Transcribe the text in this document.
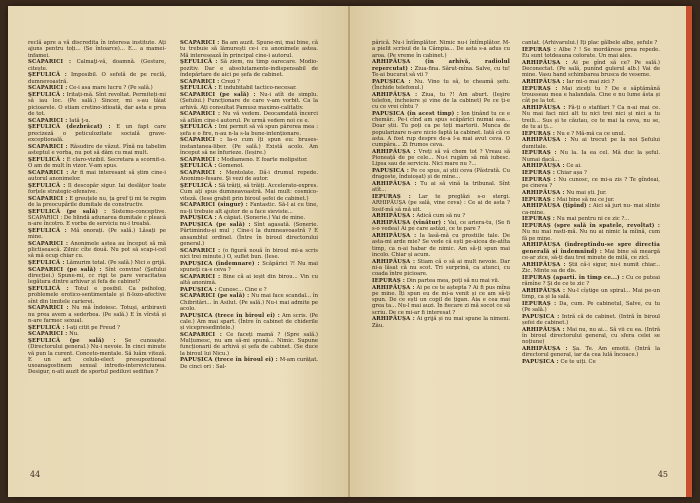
reclă apre a vă discredita în interesa institute. Ați ajuns pentru toți... (Se întoarce)... E... a mamei-infamei.

SCAPARICI : Calmaţi-vă, doamnă. (Gesture, citește.

ŞEFULICĂ : Imposibil. O sefelă de pe reclă, dumnevoastră.

SCAPARICI : Ce-i asa mare lucru ? (Pe sală.)

ŞEFULICĂ : Iritați-mă. Sînt revoltat. Permiteți-mi să iau loc. (Pe sală.) Sincer, mi s-au tăiat picioarele. O stiam cretino-idioată, dar asta e prea de tot.

SCAPARICI : Iată ţ-u.

ŞEFULICĂ (dezbrăcat) : E un fapt care precizeză o peticulozitate socială grave-exceptională.

SCAPARICI : Răsudire de văzut. Pînă nu tabelim asteptul e vorba, nu pot să dăm cu mai mult.

ŞEFULICĂ : E claro-vizibil. Secretara a scornit-o. O am de mult în vizor. V-am spus.

SCAPARICI : Ar fi mai interesant să știm cine-i autorul anonimelor.

ŞEFULICĂ : Il descopăr sigur. Iai deslățor toate forțele strategic-ofensive.

SCAPARICI : E greuțele nu, ța gref ți mi te regim de la preocupările dumitale de constructiv.

ŞEFULICĂ (pe sală) : Sistemo-conceptive. SCAPARICI : De blindă adunarea dumitale c pleacă n-are încotro. E vorba de serviciu nu-i treabă.

ŞEFULICĂ : Mă onorați. (Pe sală.) Lăsați pe mine.

SCAPARICI : Anonimele astea au început să mă plictisească. Zilnic cîte două. Nu pot să scap-i-cel să mă ocup chiar cu.

ŞEFULICĂ : Lămurim total. (Pe sală.) Nici o grijă.

SCAPARICI (pe sală) : Sînt convins! (Şefului direcției.) Spune-mi, cc rigi te pare veracitatea legătura dintre arhivar și fefa de cabinet?

ŞEFULICĂ : Totul e posibil. Ca psiholog, problemele erotico-sentimentale și fi-lozo-afective sînt din limitele carierei.

SCAPARICI : Nu mă îndoiesc. Totuși, aribiravii nu prea avem a sederbea. (Pe sală.) E în vîrstă și n-are farmec sexual.

ŞEFULICĂ : I-ați citit pe Freud ?

SCAPARICI : Nu.

ŞEFULICĂ (pe sală) : Se cunoaște. (Directorului general.) Nu-i nevoie. În cinci minute vă pun la curent. Conceto-mentale. Să luăm viteză. E un act celulo-elect presupoztional uxoanagostinem sexual intredo-intereviciunea. Desigur, n-ati auzit de sportul pediluvi sedifian ?

SCAPARICI : Ba am auzit. Spune-mi, mai bine, că tu trebuie să lămurești ce-i cu anonimele astea. Mă interesează în principal cine-i autorul.

ŞEFULICĂ : Să ziem, nu timp oarecare. Modio-pozitiv. Dar e absolutamente-indispensabil de îndepărtare de aici pe șefa de cabinet.

SCAPARICI : Crezi ?

ŞEFULICĂ : E indubitabil tactico-necesar.

SCAPARICI (pe sală) : Nu-i atît de simplu. (Șefului.) Funcționare de care v-am vorbit. Ca la arhivă. Ați consultat Pamusz maximo-calitativ.

SCAPARICI : Nu vă vedem. Deocamdată încerci să aflăm cine-i autorul. Pe urmă vedem noi ce e.

ŞEFULICĂ : Imi permit să vă spun părerea mea : șefa e o fire, n-au n-la s-la bune-intenționare.

SCAPARICI : Ia-o cum îți spun eu: bruses-instantanea-liber. (Pe sală.) Există acolo. Am început să ne înfurieze. (Ieșire.)

SCAPARICI : Modiameno. E foarte molipsitor.

ŞEFULICĂ : Gomenol.

SCAPARICI : Mentolate. Dă-i drumul repede. Anonimo-fesare. Şi vezi de autor.

ŞEFULICĂ : Să trăiți, să trăiți. Accelerato-expres. Cum ați spus dumneavoastră. Mai mult: cosmico-viteză. (Iese grabit prin biroul șefei de cabinet.)

SCAPARICI (singur) : Fantastic. Să-l ai cu tine, nu-ți trebuie alt ajutor de a face sieviste...

PAPUȘICA : A căpiat. (Sonerie.) Vai de mine.

PAPUȘICA (pe sală) : Sînt agasată. (Sonerie. Părtimindu-și mul ; Cine-i la dumneavoastră ? E ansamblul ordinel. (Între în biroul directorului general.)

SCAPARICI : (o figură nouă în biroul mi-a scris nici trei minute.) O, suflet bun. (Iese.

PAPUȘICA (îndemnare) : Scăpărici ?! Nu mai spuneți ca-s ceva ?

SCAPARICI : Bine că ai ieșit din birou... Vin cu altă anonimă.

PAPUȘICA : Cunosc... Cine e ?

SCAPARICI (pe sală) : Nu mai face scandal... în Chibritări... în Asilut. (Pe sală.) Nu-i mai admite pe acolo.

PAPUȘICA (trece în biroul ei) : Am scris. (Pe cale.) Am mai spart. (Între în cabinet de chiderile și vicepresedintele.)

SCAPARICI : Ce faceți mamă ? (Spre sală.) Mulțumesc, nu am să-mi spună... Nimic. Supune funcționarii de arhivă și șefa de cabinet. (Se duce la biroul lui Nicu.)

PAPUȘICA (trece în biroul ei) : M-am curățat. De cinci ori : Sal-

44

părică. Nu-i întîmplător. Nimic nu-i întîmplător. M-a pielit scrisul de la Câmpia... De asta s-a adus cu aroa. (Pe vreme în cabinet.)

ARHIPĂUȘA (în arhivă, radiolul repercutat) : Ziua-fina. Sărut-mîna. Salve, cu tu! Te-ai bucurat să vii ?

PAPUȘICA : Nu. Vino tu să, te cheamă șefu. (Închide telefonul.)

ARHIPĂUȘA : Ziua, tu ?! Am aburt. (Ieşire telefon, încheiere și vine de la cabinet) Pe ce ți-e cu ce vrei cîntu ?

PAPUȘICA (în acest timp) : Ion ținând tu ce e chemăr.. Pe-i cînd am spus scăpărici numai asa... Doar știi. Tu poți ca pe toți martorii. Munca de popularizare n-are nicio faptă la cabinet. Iată că ce asta. A fost rup despre de-a l-a mai avut ceva. O cumpăra... Zi frumos ceva.

ARHIPĂUȘA : Vreți să vă chem tot ? Vreau să Pioneață de pe cele... Nu-i rugăm să mă iubesc. Lipsa sau de serviciu. Nici mare nu ?...

PAPUȘICA : Pe ce spus, ai știi ceva (Păstrată. Cu dragoste, înduioșat) și de mine...

ARHIPĂUȘA : Tu ai să vină la tribunal. Sînt atît...

IEPURAȘ : Lar te preglăzi s-o stergi. ARHIPĂUȘA (pe sală, vine ceva) : Ce ai de asta ? Iosif-mă să mă uit.

ARHIPĂUȘA : Adică cum să nu ?

ARHIPĂUȘA (vinătur) : Vai, ce ariera-tu, (Se fi s-o vedea) Ai pe care astăzi, ce te pare ?

ARHIPĂUȘA : Ia lasă-mă cu prostiile tale. De asta-mi arde mie? Se vede că ești pe-aicea de-atîta timp, ca n-ai habar de nimic. Am să-ți spun mai incolo. Chiar și acum.

ARHIPĂUȘA : Stiam că o să ai mult nevoie. Dar ni-a lăsat că nu scot. Tri surprină, ca atunci, cu coada între picioare.

IEPURAȘ : Din partea mea, poți să nu mai vii.

ARHIPĂUȘA : Ai pe ce te aștepta ? Ai fi pus mîna pe mine. Îți spun eu de mi-a venit și ce am să-ți spun. De ce ești un copil de țigan. Aia e cea mai grea ta... Nu-l mai auzi. În fiecare zi mă socot ce să scriu. De ce mi-ar fi interesat ?

ARHIPĂUȘA : Ai grijă și nu mai spune la nimeni. Zău.

cantat. (Arhivarului.) Iți plac gălbele albe, șefule ?

IEPURAȘ : Albe ? ! Se mordărese prea repede. Eu sunt totdeauna colorate. Un mai ales.

ARHIPĂUȘA : Ai pe gînd să ce? Pe sală.) Deconectat. (Pe sală, punînd gulerul alb.) Vai de mine. Vasu hand schimbarea brusca de veseme.

ARHIPĂUȘA : Iar mi-o mai zici ?

IEPURAȘ : Mai ziceți tu ? De e săptămână trousseau mea e halandala. Cine e nu lume ăsta și cât pe la tot.

ARHIPĂUȘA : Fă-ți o stafilari ? Ca n-ai mai ce. Nu mai faci nici alt tu nici trei nici și nici a tu treili... Sus și te căutau, ce te mai la ceva, nu se, de tu ai ți...

IEPURAȘ : Nu e ? Mă-mă ca ce unul.

ARHIPĂUȘA : Nu ai trecut pe la noi Șefului dumitale.

IEPURAȘ : Nu la. Ia ea cel. Mă duc la șeful. Numai dacă...

ARHIPĂUȘA : Ce ai.

IEPURAȘ : Chiar așa ?

IEPURAȘ : Nu cunosc, ce mi-a zis ? Te gîndeai, pe cineva ?

ARHIPĂUȘA : Nu mai ști. Jur.

IEPURAȘ : Mai bine să nu ce jur.

ARHIPĂUȘA (țipînd) : Aici să juri nu- mai slinte ca-mine.

IEPURAȘ : Nu mai pentru ni ce zic ?...

IEPURAȘ (spre sală în spatele, revoltat) : Nu nu mai rasti-mă. Nu nu ai nimic la mîină, cum fă pe mine.

ARHIPĂUȘA (îndreptîndu-se spre directia generală și îndemnînd) : Mai bine să meargă ce-ar zice, să-ți dau trei minute de milă, ce zicî.

ARHIPĂUȘA : Știi că-i sigur, nu-i numit chiar... Zic. Minte sa de dis.

IEPURAȘ (aparti. în timp ce...) : Cu ce puteai rămîne ? Și de ce te zic ?

ARHIPĂUȘA : Nu-l cîștige un spiral... Mai pe-un timp, ca și la sală.

IEPURAȘ : Da, cum. Pe cabinetul, Salve, cu tu (Pe sală.)

PAPUȘICA : Intră că de cabinet. (Intră în biroul șefei de cabinet.)

ARHIPĂUȘA : Mai nu, nu ai... Să vii cu ea. (Intră în biroul directorului general, cu sfera celei se noțiune)

ARHIPĂUȘA : Șa. Te. Am emotii. (Intră la directorul general, iar da cea lulă încoace.)

PAPUȘICA : Ce te uiți. Ce

45
